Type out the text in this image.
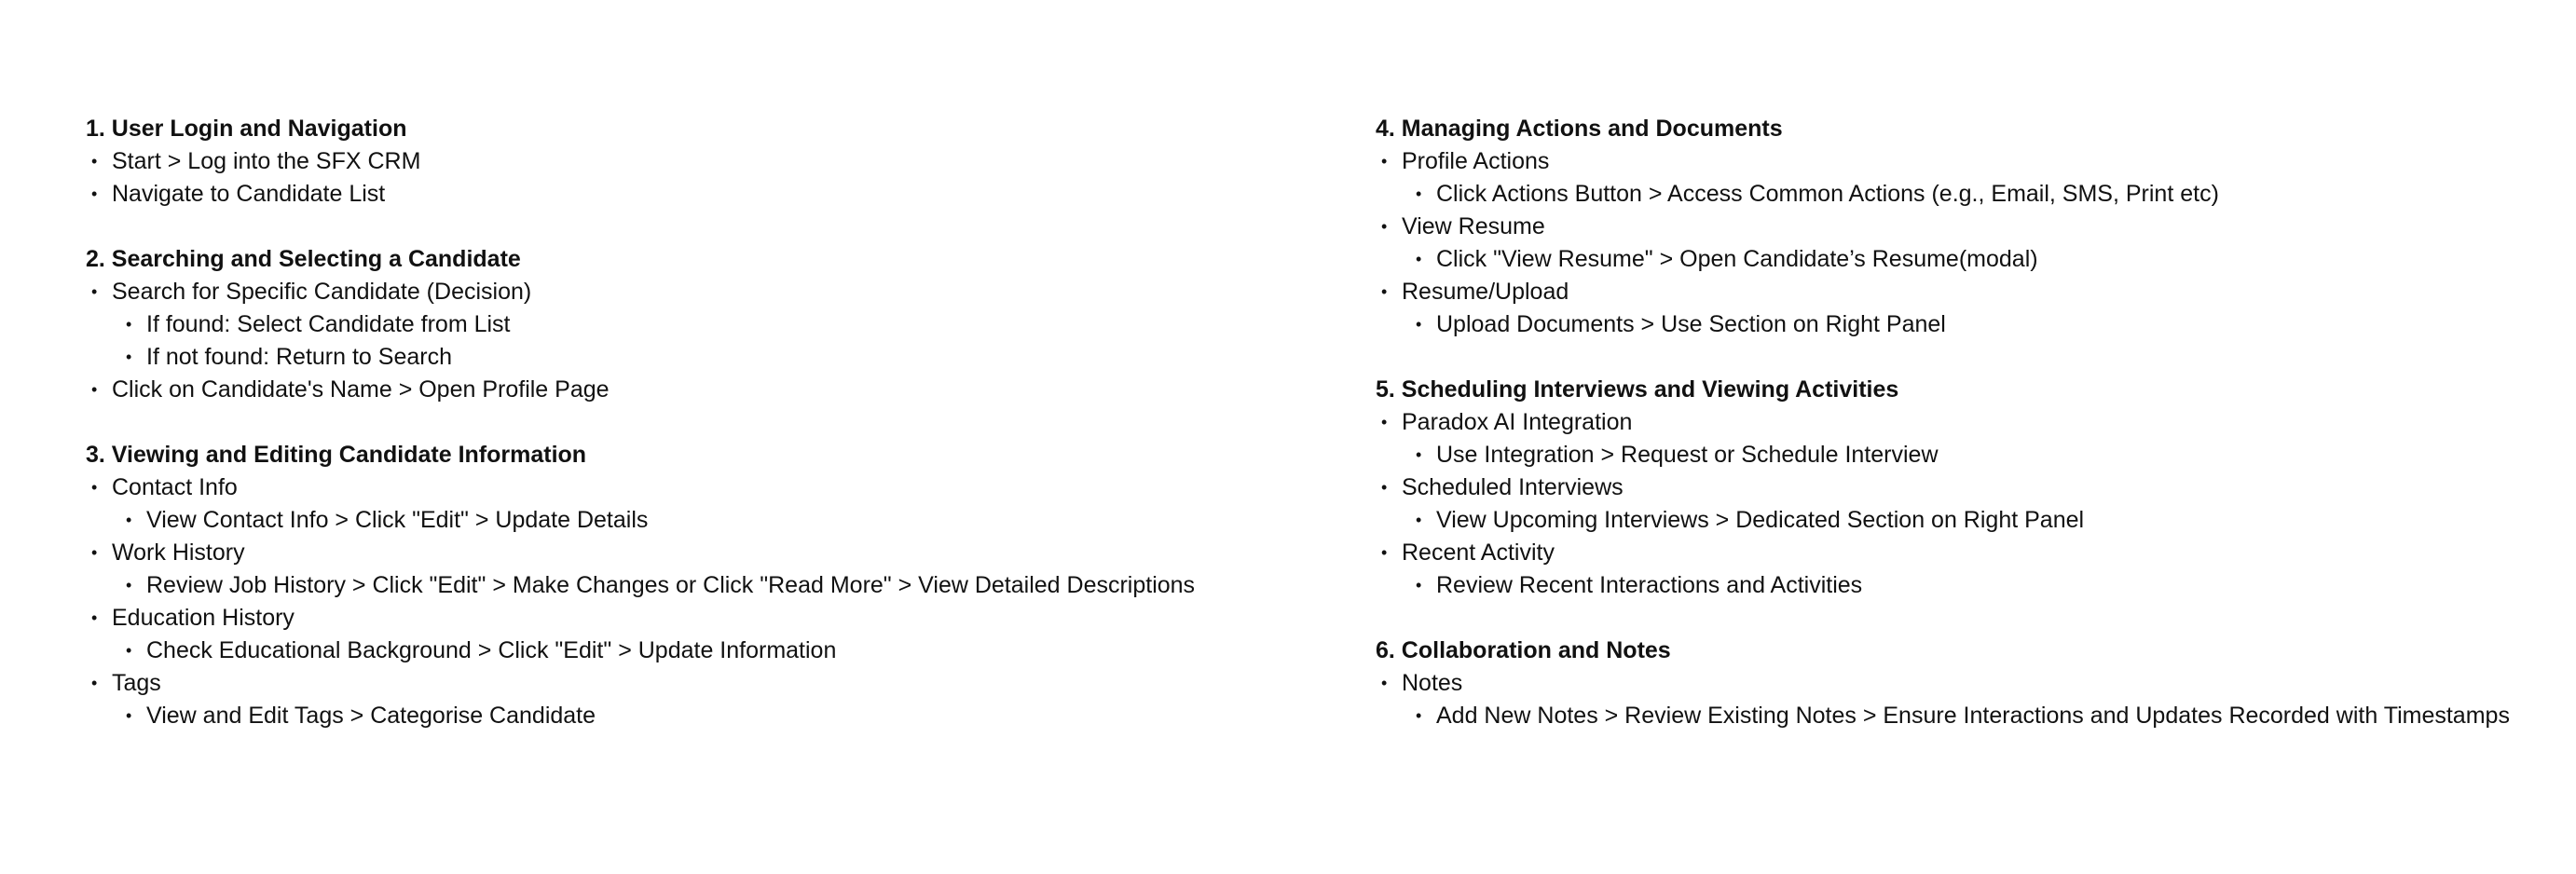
1. User Login and Navigation
• Start > Log into the SFX CRM
• Navigate to Candidate List
2. Searching and Selecting a Candidate
• Search for Specific Candidate (Decision)
• If found: Select Candidate from List
• If not found: Return to Search
• Click on Candidate's Name > Open Profile Page
3. Viewing and Editing Candidate Information
• Contact Info
• View Contact Info > Click "Edit" > Update Details
• Work History
• Review Job History > Click "Edit" > Make Changes or Click "Read More" > View Detailed Descriptions
• Education History
• Check Educational Background > Click "Edit" > Update Information
• Tags
• View and Edit Tags > Categorise Candidate
4. Managing Actions and Documents
• Profile Actions
• Click Actions Button > Access Common Actions (e.g., Email, SMS, Print etc)
• View Resume
• Click "View Resume" > Open Candidate’s Resume(modal)
• Resume/Upload
• Upload Documents > Use Section on Right Panel
5. Scheduling Interviews and Viewing Activities
• Paradox AI Integration
• Use Integration > Request or Schedule Interview
• Scheduled Interviews
• View Upcoming Interviews > Dedicated Section on Right Panel
• Recent Activity
• Review Recent Interactions and Activities
6. Collaboration and Notes
• Notes
• Add New Notes > Review Existing Notes > Ensure Interactions and Updates Recorded with Timestamps
